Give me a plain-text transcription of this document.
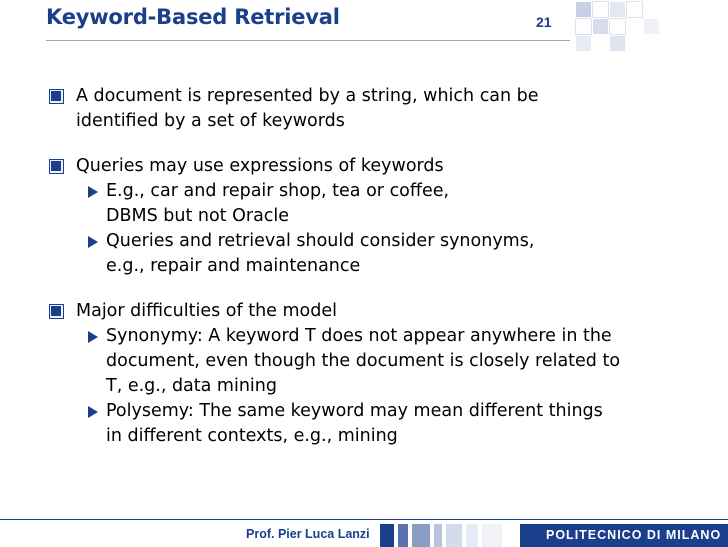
Keyword-Based Retrieval	21
A document is represented by a string, which can be
identified by a set of keywords
Queries may use expressions of keywords
E.g., car and repair shop, tea or coffee,
DBMS but not Oracle
Queries and retrieval should consider synonyms,
e.g., repair and maintenance
Major difficulties of the model
Synonymy: A keyword T does not appear anywhere in the
document, even though the document is closely related to
T, e.g., data mining
Polysemy: The same keyword may mean different things
in different contexts, e.g., mining
Prof. Pier Luca Lanzi	POLITECNICO DI MILANO
